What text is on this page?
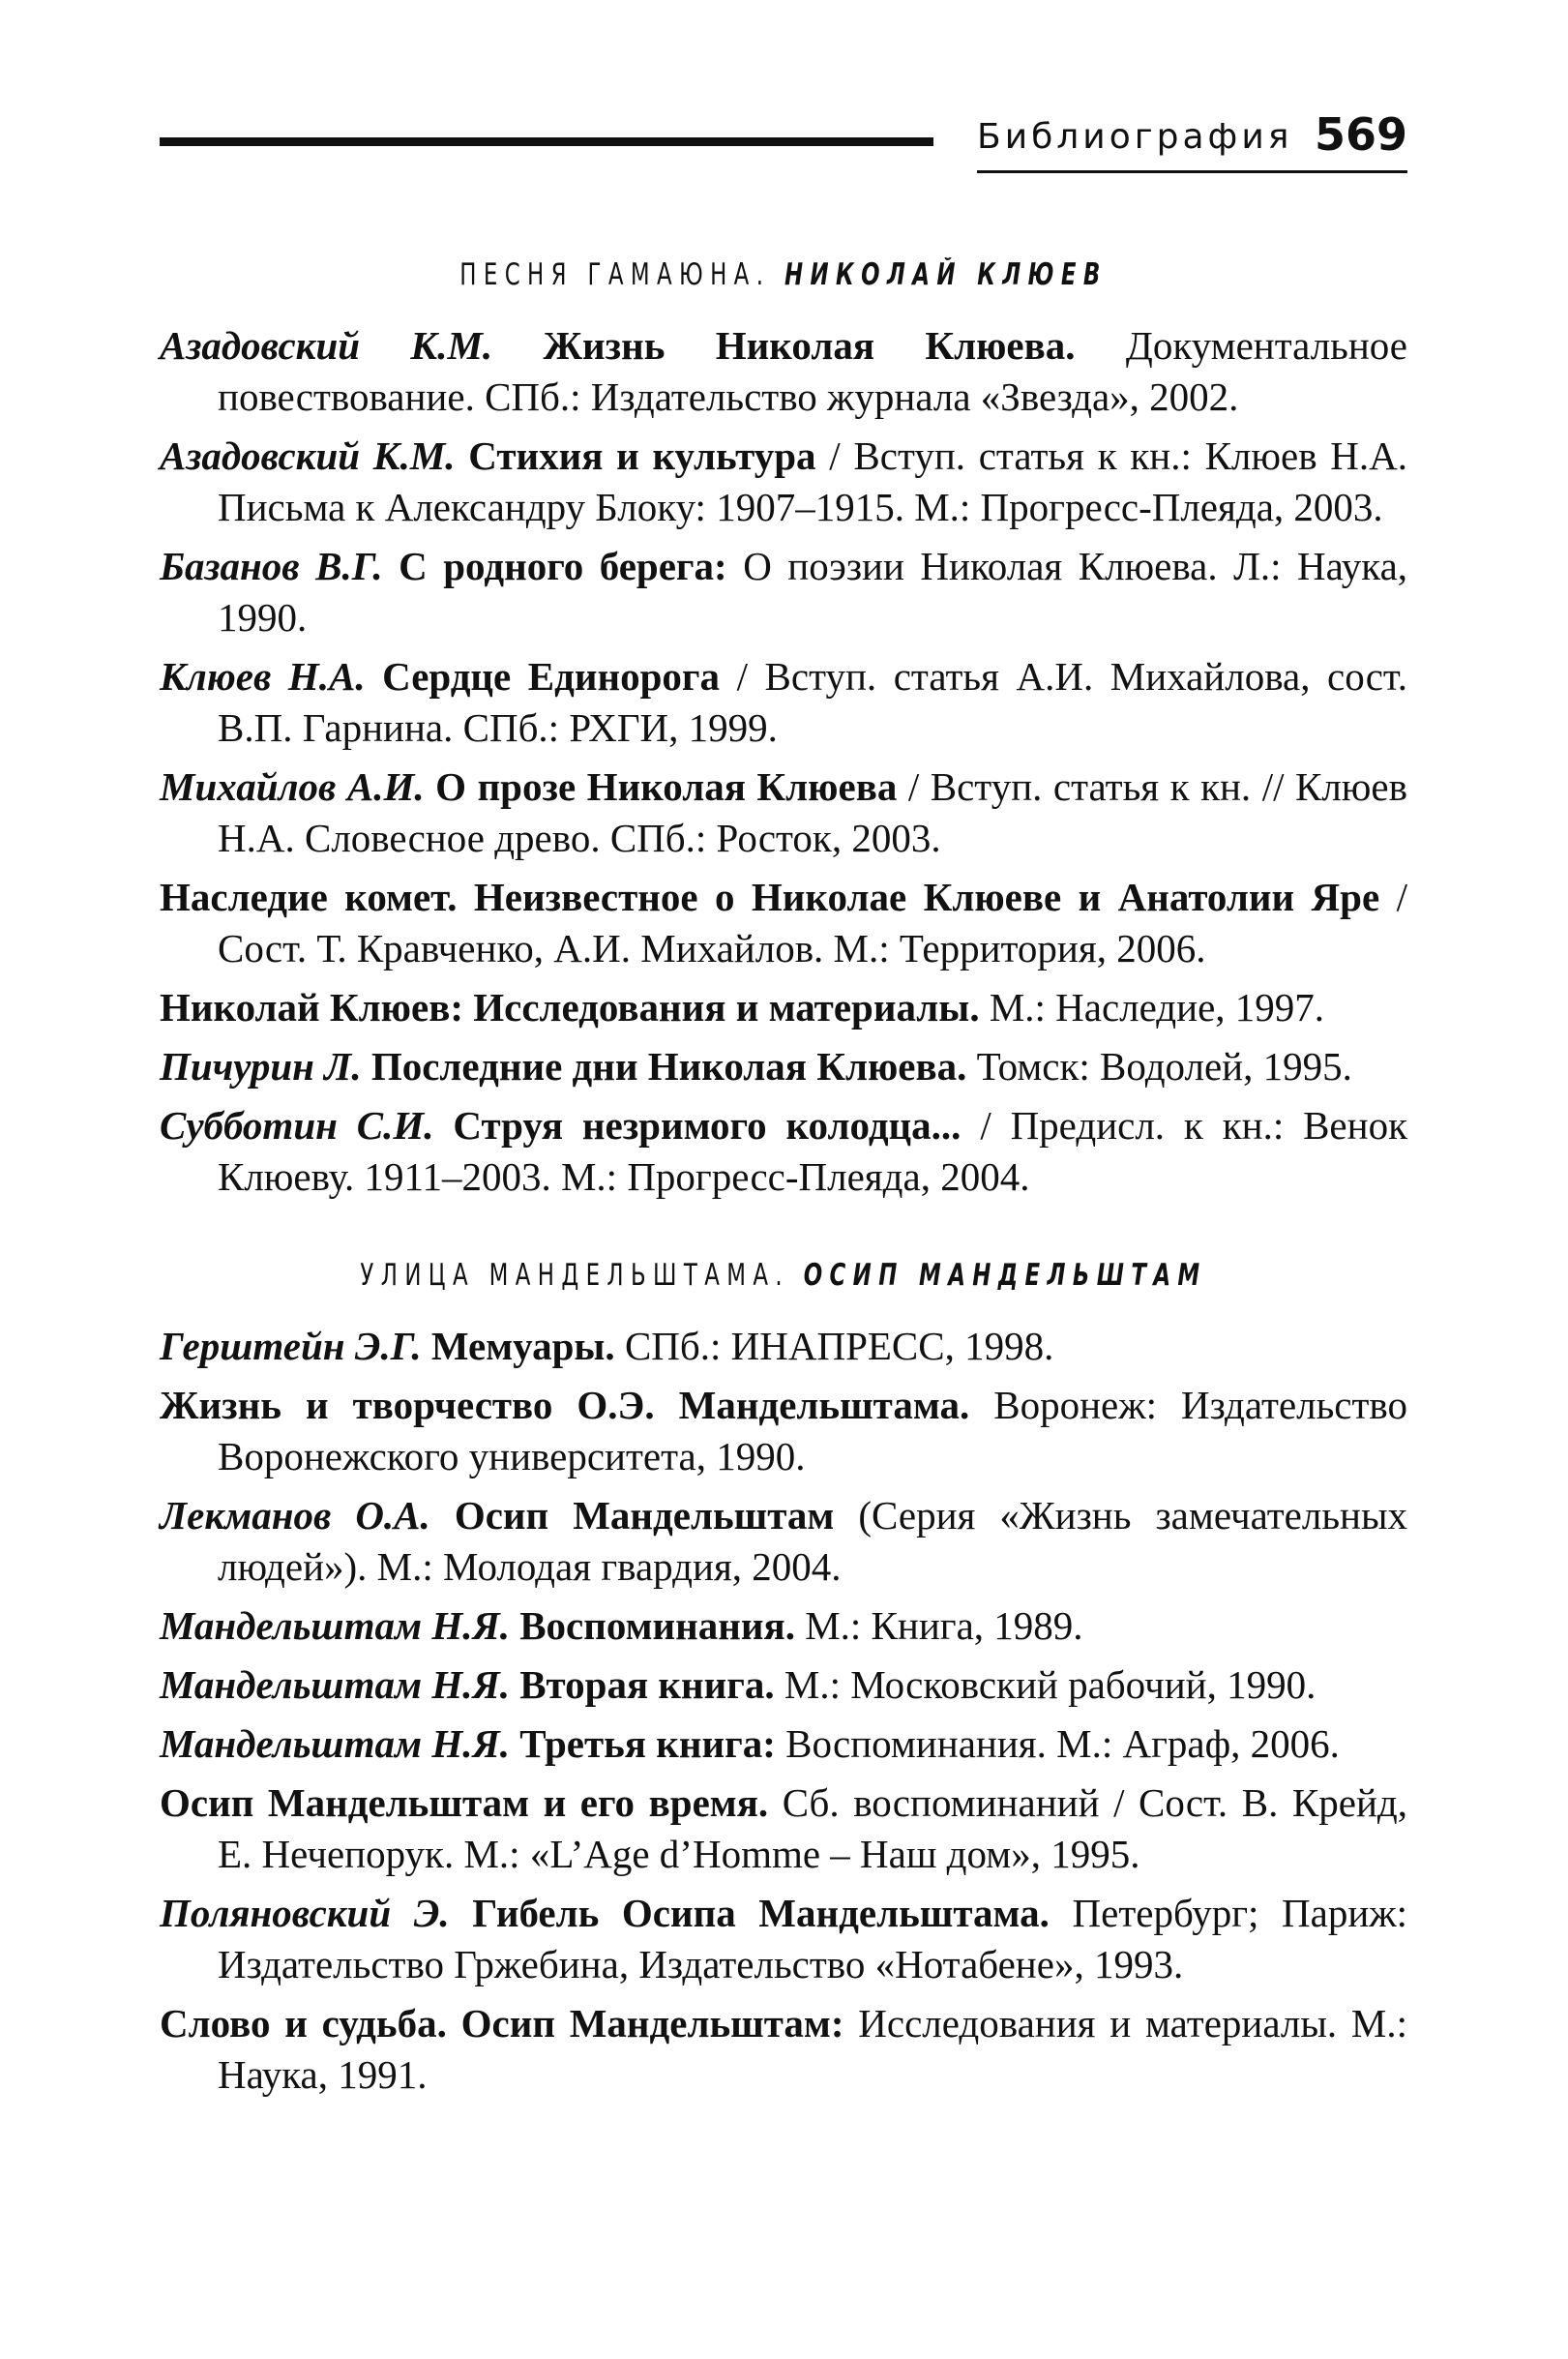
Библиография 569
ПЕСНЯ ГАМАЮНА. НИКОЛАЙ КЛЮЕВ

Азадовский К.М. Жизнь Николая Клюева. Документальное повествование. СПб.: Издательство журнала «Звезда», 2002.

Азадовский К.М. Стихия и культура / Вступ. статья к кн.: Клюев Н.А. Письма к Александру Блоку: 1907–1915. М.: Прогресс-Плеяда, 2003.

Базанов В.Г. С родного берега: О поэзии Николая Клюева. Л.: Наука, 1990.

Клюев Н.А. Сердце Единорога / Вступ. статья А.И. Михайлова, сост. В.П. Гарнина. СПб.: РХГИ, 1999.

Михайлов А.И. О прозе Николая Клюева / Вступ. статья к кн. // Клюев Н.А. Словесное древо. СПб.: Росток, 2003.

Наследие комет. Неизвестное о Николае Клюеве и Анатолии Яре / Сост. Т. Кравченко, А.И. Михайлов. М.: Территория, 2006.

Николай Клюев: Исследования и материалы. М.: Наследие, 1997.

Пичурин Л. Последние дни Николая Клюева. Томск: Водолей, 1995.

Субботин С.И. Струя незримого колодца... / Предисл. к кн.: Венок Клюеву. 1911–2003. М.: Прогресс-Плеяда, 2004.

УЛИЦА МАНДЕЛЬШТАМА. ОСИП МАНДЕЛЬШТАМ

Герштейн Э.Г. Мемуары. СПб.: ИНАПРЕСС, 1998.

Жизнь и творчество О.Э. Мандельштама. Воронеж: Издательство Воронежского университета, 1990.

Лекманов О.А. Осип Мандельштам (Серия «Жизнь замечательных людей»). М.: Молодая гвардия, 2004.

Мандельштам Н.Я. Воспоминания. М.: Книга, 1989.

Мандельштам Н.Я. Вторая книга. М.: Московский рабочий, 1990.

Мандельштам Н.Я. Третья книга: Воспоминания. М.: Аграф, 2006.

Осип Мандельштам и его время. Сб. воспоминаний / Сост. В. Крейд, Е. Нечепорук. М.: «L’Age d’Homme – Наш дом», 1995.

Поляновский Э. Гибель Осипа Мандельштама. Петербург; Париж: Издательство Гржебина, Издательство «Нотабене», 1993.

Слово и судьба. Осип Мандельштам: Исследования и материалы. М.: Наука, 1991.
